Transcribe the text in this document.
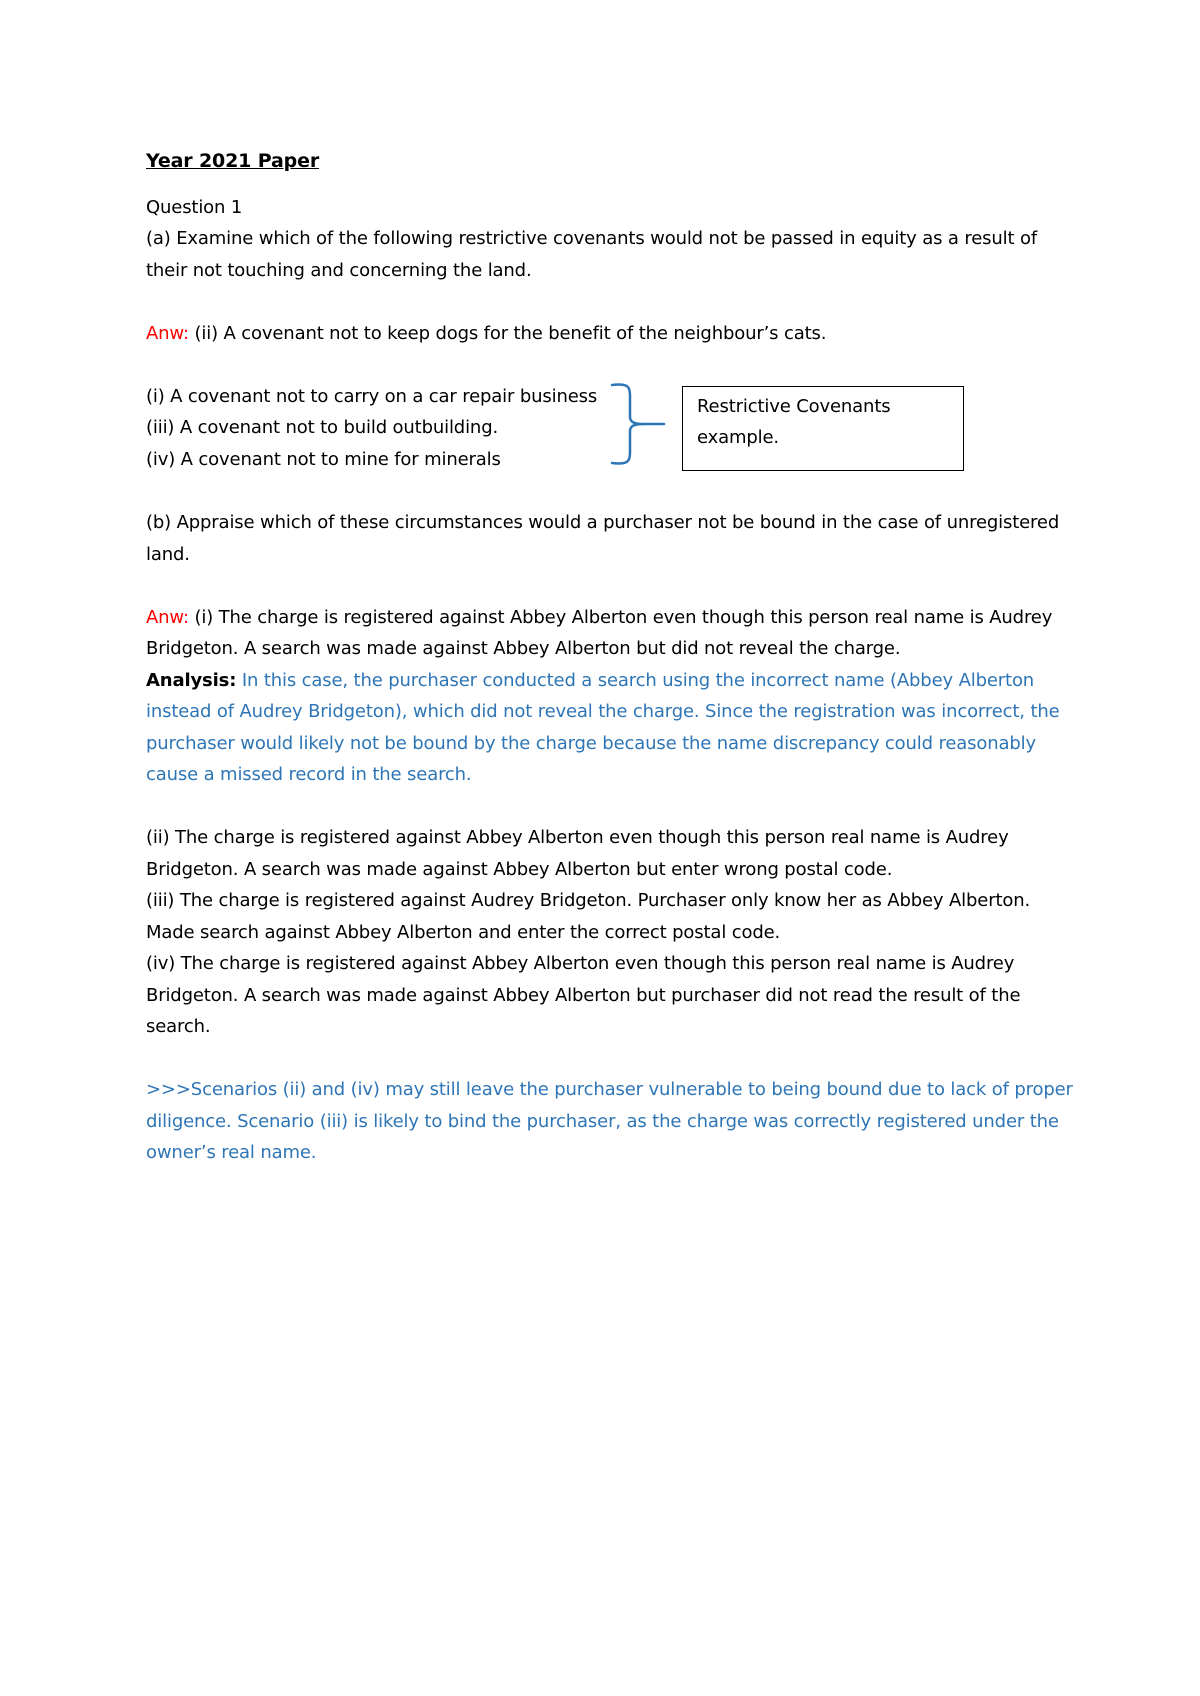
Year 2021 Paper

Question 1

(a) Examine which of the following restrictive covenants would not be passed in equity as a result of their not touching and concerning the land.

Anw: (ii) A covenant not to keep dogs for the benefit of the neighbour’s cats.

(i) A covenant not to carry on a car repair business

(iii) A covenant not to build outbuilding.

(iv) A covenant not to mine for minerals

Restrictive Covenants example.

(b) Appraise which of these circumstances would a purchaser not be bound in the case of unregistered land.

Anw: (i) The charge is registered against Abbey Alberton even though this person real name is Audrey Bridgeton. A search was made against Abbey Alberton but did not reveal the charge.

Analysis: In this case, the purchaser conducted a search using the incorrect name (Abbey Alberton instead of Audrey Bridgeton), which did not reveal the charge. Since the registration was incorrect, the purchaser would likely not be bound by the charge because the name discrepancy could reasonably cause a missed record in the search.

(ii) The charge is registered against Abbey Alberton even though this person real name is Audrey Bridgeton. A search was made against Abbey Alberton but enter wrong postal code.

(iii) The charge is registered against Audrey Bridgeton. Purchaser only know her as Abbey Alberton. Made search against Abbey Alberton and enter the correct postal code.

(iv) The charge is registered against Abbey Alberton even though this person real name is Audrey Bridgeton. A search was made against Abbey Alberton but purchaser did not read the result of the search.

>>>Scenarios (ii) and (iv) may still leave the purchaser vulnerable to being bound due to lack of proper diligence. Scenario (iii) is likely to bind the purchaser, as the charge was correctly registered under the owner’s real name.
